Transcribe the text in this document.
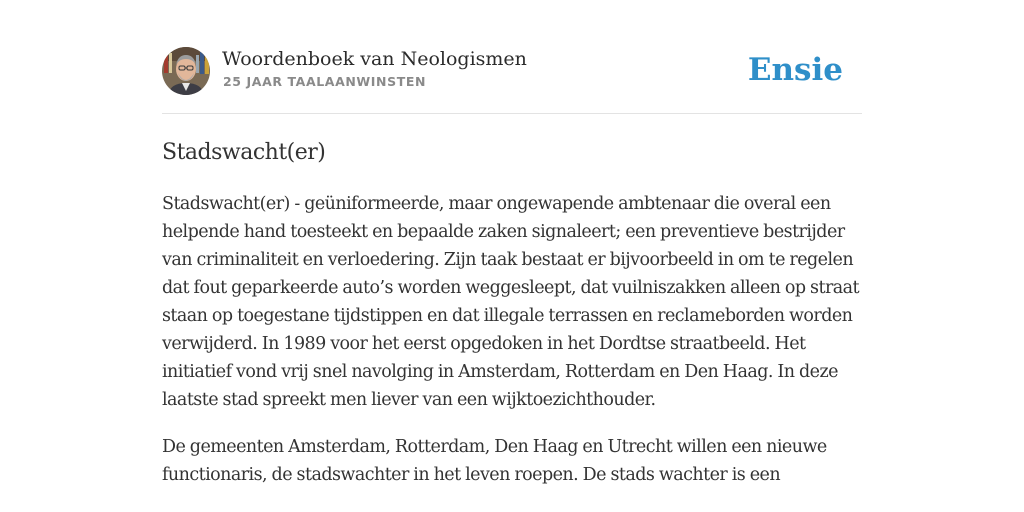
Woordenboek van Neologismen
25 JAAR TAALAANWINSTEN	Ensie
Stadswacht(er)

Stadswacht(er) - geüniformeerde, maar ongewapende ambtenaar die overal een helpende hand toesteekt en bepaalde zaken signaleert; een preventieve bestrijder van criminaliteit en verloedering. Zijn taak bestaat er bijvoorbeeld in om te regelen dat fout geparkeerde auto’s worden weggesleept, dat vuilniszakken alleen op straat staan op toegestane tijdstippen en dat illegale terrassen en reclameborden worden verwijderd. In 1989 voor het eerst opgedoken in het Dordtse straatbeeld. Het initiatief vond vrij snel navolging in Amsterdam, Rotterdam en Den Haag. In deze laatste stad spreekt men liever van een wijktoezichthouder.

De gemeenten Amsterdam, Rotterdam, Den Haag en Utrecht willen een nieuwe functionaris, de stadswachter in het leven roepen. De stads wachter is een
